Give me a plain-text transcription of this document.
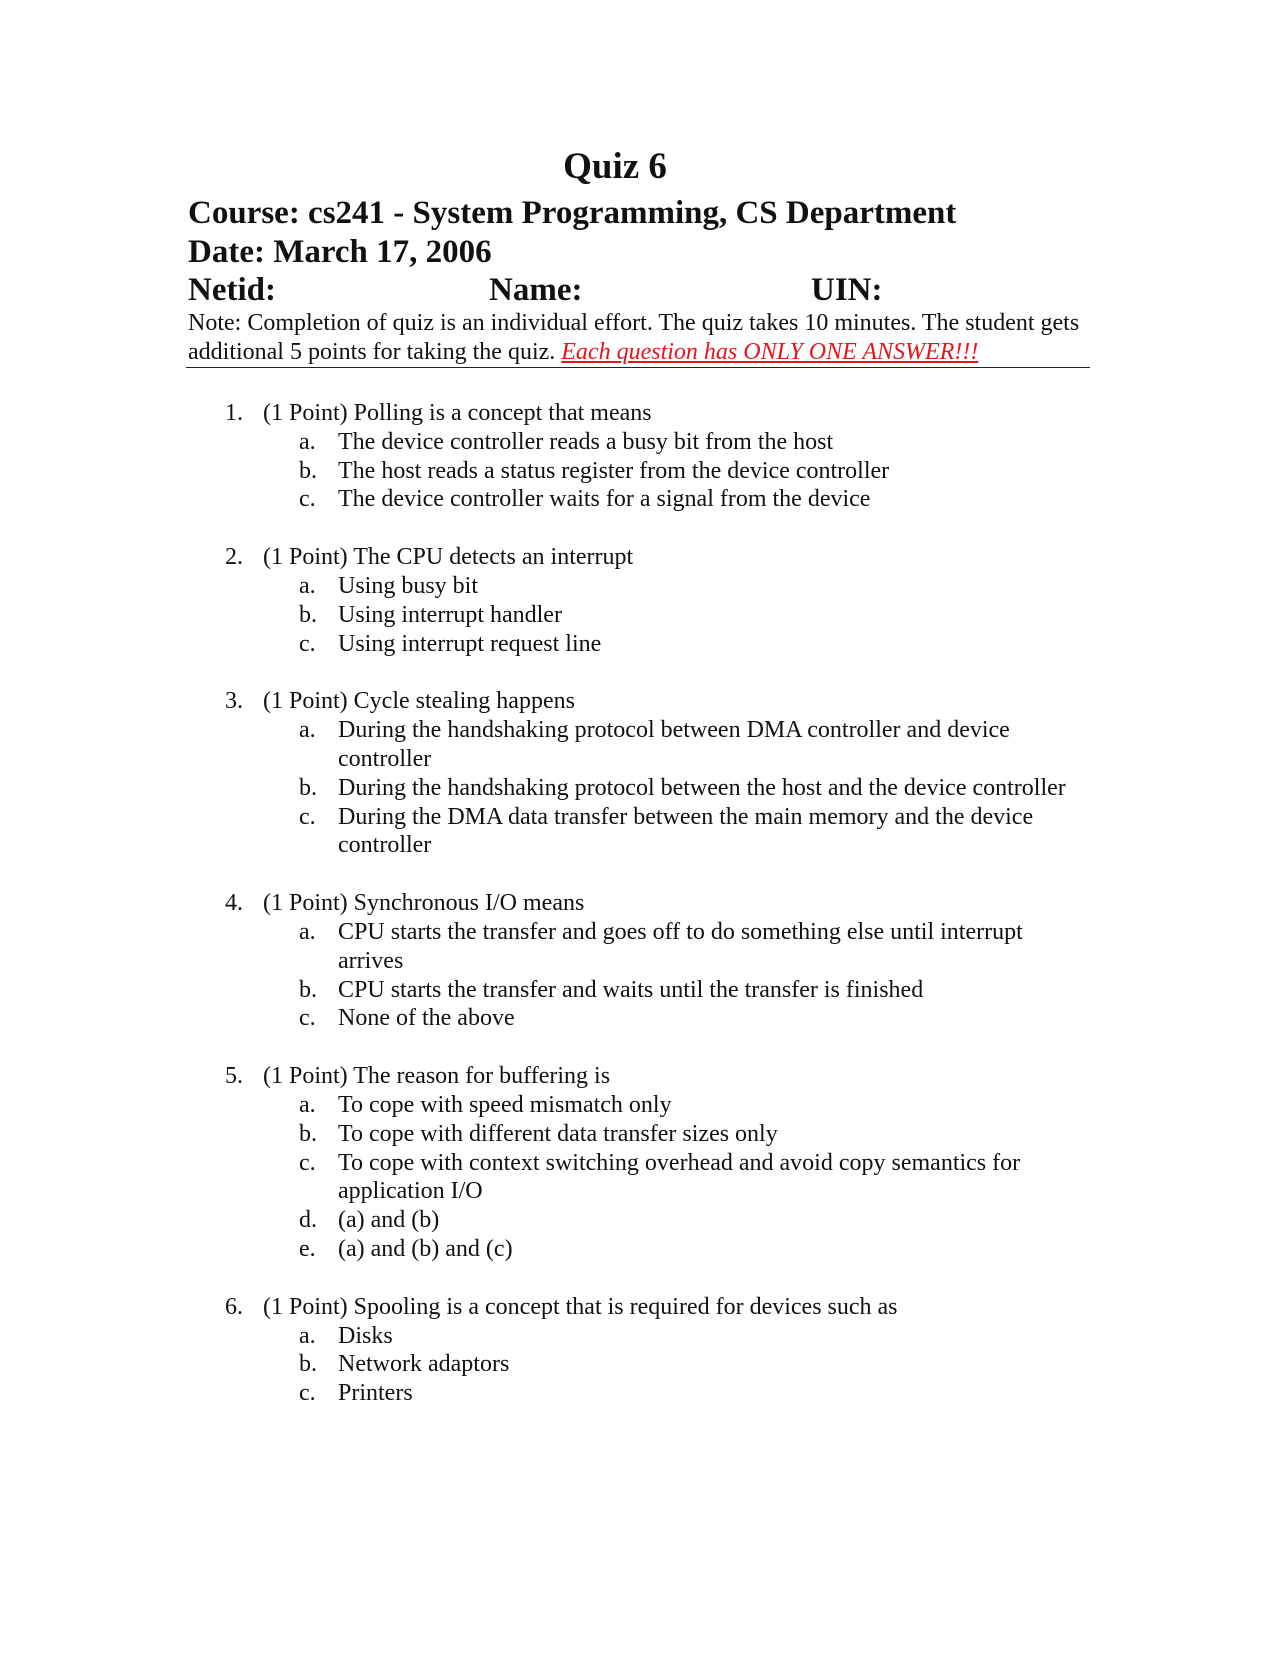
Quiz 6
Course: cs241 - System Programming, CS Department
Date: March 17, 2006
Netid:	Name:	UIN:
Note: Completion of quiz is an individual effort. The quiz takes 10 minutes. The student gets additional 5 points for taking the quiz. Each question has ONLY ONE ANSWER!!!
1. (1 Point) Polling is a concept that means
a. The device controller reads a busy bit from the host
b. The host reads a status register from the device controller
c. The device controller waits for a signal from the device
2. (1 Point) The CPU detects an interrupt
a. Using busy bit
b. Using interrupt handler
c. Using interrupt request line
3. (1 Point) Cycle stealing happens
a. During the handshaking protocol between DMA controller and device controller
b. During the handshaking protocol between the host and the device controller
c. During the DMA data transfer between the main memory and the device controller
4. (1 Point) Synchronous I/O means
a. CPU starts the transfer and goes off to do something else until interrupt arrives
b. CPU starts the transfer and waits until the transfer is finished
c. None of the above
5. (1 Point) The reason for buffering is
a. To cope with speed mismatch only
b. To cope with different data transfer sizes only
c. To cope with context switching overhead and avoid copy semantics for application I/O
d. (a) and (b)
e. (a) and (b) and (c)
6. (1 Point) Spooling is a concept that is required for devices such as
a. Disks
b. Network adaptors
c. Printers
